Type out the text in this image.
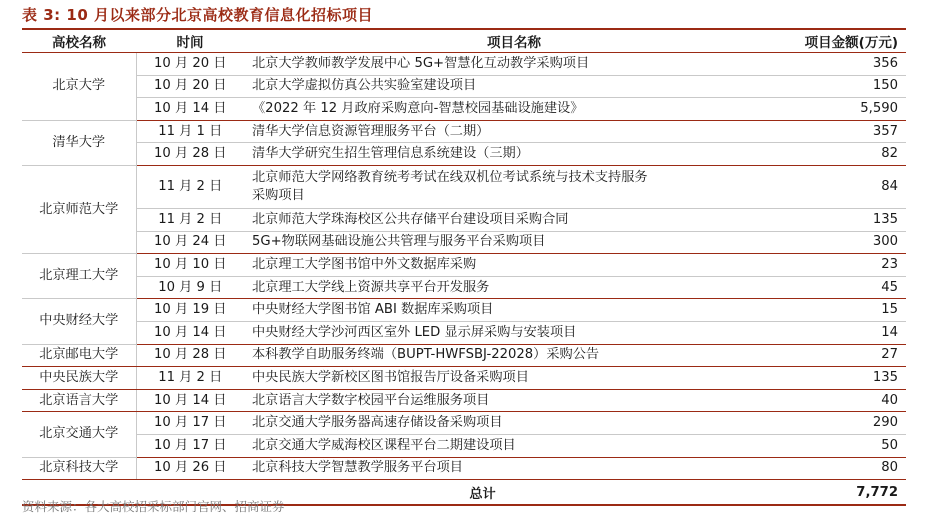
表 3: 10 月以来部分北京高校教育信息化招标项目
高校名称	时间	项目名称	项目金额(万元)
北京大学	10 月 20 日	北京大学教师教学发展中心 5G+智慧化互动教学采购项目	356
	10 月 20 日	北京大学虚拟仿真公共实验室建设项目	150
	10 月 14 日	《2022 年 12 月政府采购意向-智慧校园基础设施建设》	5,590
清华大学	11 月 1 日	清华大学信息资源管理服务平台（二期）	357
	10 月 28 日	清华大学研究生招生管理信息系统建设（三期）	82
北京师范大学	11 月 2 日	北京师范大学网络教育统考考试在线双机位考试系统与技术支持服务
采购项目	84
	11 月 2 日	北京师范大学珠海校区公共存储平台建设项目采购合同	135
	10 月 24 日	5G+物联网基础设施公共管理与服务平台采购项目	300
北京理工大学	10 月 10 日	北京理工大学图书馆中外文数据库采购	23
	10 月 9 日	北京理工大学线上资源共享平台开发服务	45
中央财经大学	10 月 19 日	中央财经大学图书馆 ABI 数据库采购项目	15
	10 月 14 日	中央财经大学沙河西区室外 LED 显示屏采购与安装项目	14
北京邮电大学	10 月 28 日	本科教学自助服务终端（BUPT-HWFSBJ-22028）采购公告	27
中央民族大学	11 月 2 日	中央民族大学新校区图书馆报告厅设备采购项目	135
北京语言大学	10 月 14 日	北京语言大学数字校园平台运维服务项目	40
北京交通大学	10 月 17 日	北京交通大学服务器高速存储设备采购项目	290
	10 月 17 日	北京交通大学威海校区课程平台二期建设项目	50
北京科技大学	10 月 26 日	北京科技大学智慧教学服务平台项目	80
总计			7,772
资料来源：各大高校招采标部门官网、招商证券
